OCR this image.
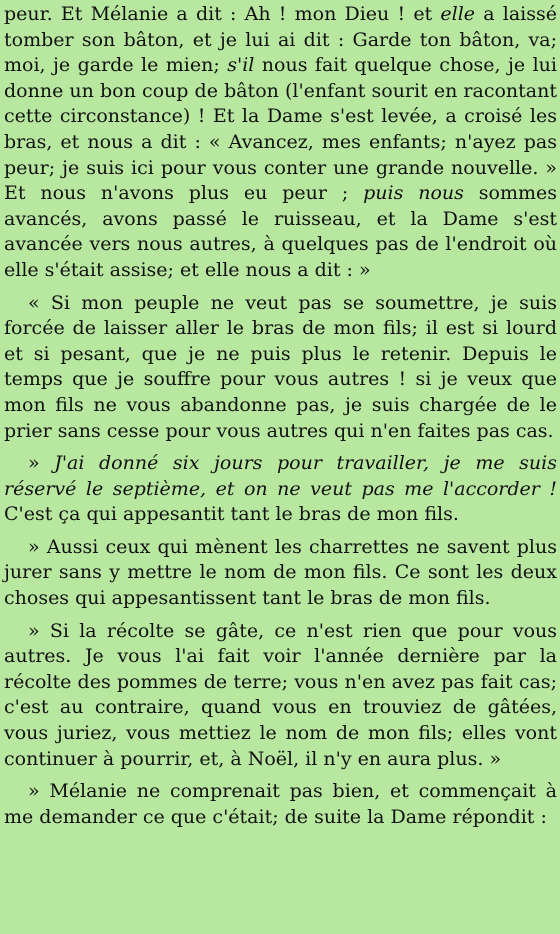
peur. Et Mélanie a dit : Ah ! mon Dieu ! et elle a laissé tomber son bâton, et je lui ai dit : Garde ton bâton, va; moi, je garde le mien; s'il nous fait quelque chose, je lui donne un bon coup de bâton (l'enfant sourit en racontant cette circonstance) ! Et la Dame s'est levée, a croisé les bras, et nous a dit : « Avancez, mes enfants; n'ayez pas peur; je suis ici pour vous conter une grande nouvelle. » Et nous n'avons plus eu peur ; puis nous sommes avancés, avons passé le ruisseau, et la Dame s'est avancée vers nous autres, à quelques pas de l'endroit où elle s'était assise; et elle nous a dit : »
« Si mon peuple ne veut pas se soumettre, je suis forcée de laisser aller le bras de mon fils; il est si lourd et si pesant, que je ne puis plus le retenir. Depuis le temps que je souffre pour vous autres ! si je veux que mon fils ne vous abandonne pas, je suis chargée de le prier sans cesse pour vous autres qui n'en faites pas cas.
» J'ai donné six jours pour travailler, je me suis réservé le septième, et on ne veut pas me l'accorder ! C'est ça qui appesantit tant le bras de mon fils.
» Aussi ceux qui mènent les charrettes ne savent plus jurer sans y mettre le nom de mon fils. Ce sont les deux choses qui appesantissent tant le bras de mon fils.
» Si la récolte se gâte, ce n'est rien que pour vous autres. Je vous l'ai fait voir l'année dernière par la récolte des pommes de terre; vous n'en avez pas fait cas; c'est au contraire, quand vous en trouviez de gâtées, vous juriez, vous mettiez le nom de mon fils; elles vont continuer à pourrir, et, à Noël, il n'y en aura plus. »
» Mélanie ne comprenait pas bien, et commençait à me demander ce que c'était; de suite la Dame répondit :
